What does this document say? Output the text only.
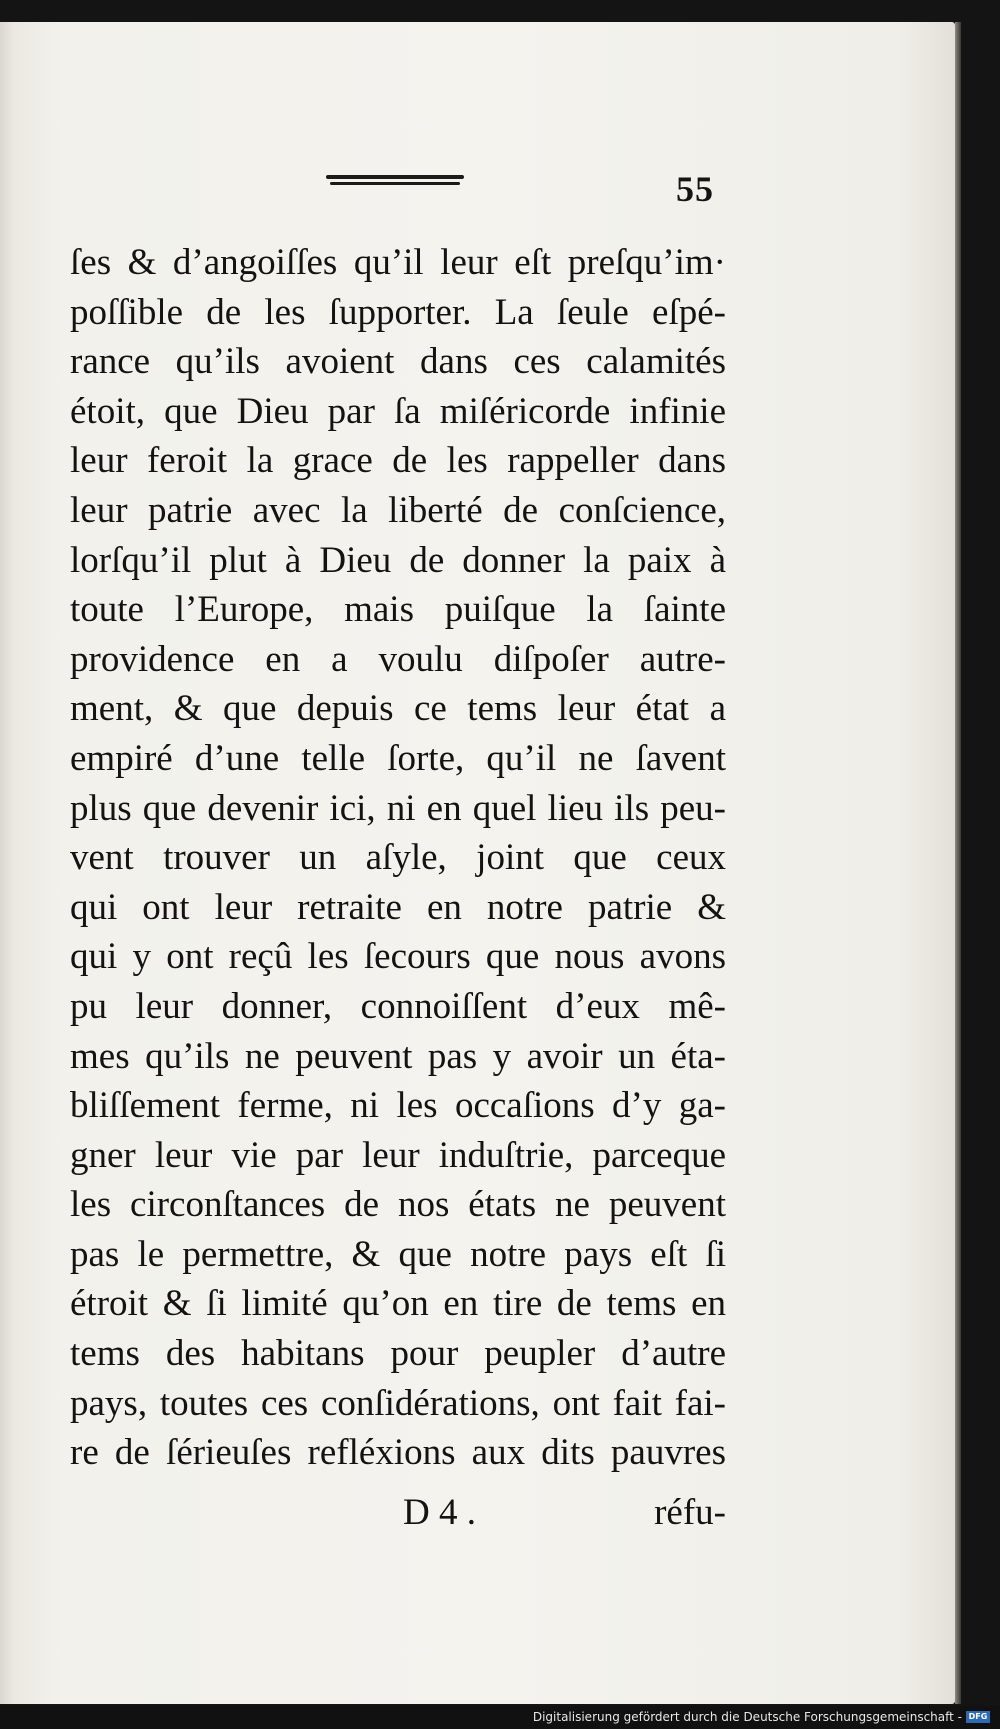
55
ſes & d’angoiſſes qu’il leur eſt preſqu’im·
poſſible de les ſupporter. La ſeule eſpé-
rance qu’ils avoient dans ces calamités
étoit, que Dieu par ſa miſéricorde infinie
leur feroit la grace de les rappeller dans
leur patrie avec la liberté de conſcience,
lorſqu’il plut à Dieu de donner la paix à
toute l’Europe, mais puiſque la ſainte
providence en a voulu diſpoſer autre-
ment, & que depuis ce tems leur état a
empiré d’une telle ſorte, qu’il ne ſavent
plus que devenir ici, ni en quel lieu ils peu-
vent trouver un aſyle, joint que ceux
qui ont leur retraite en notre patrie &
qui y ont reçû les ſecours que nous avons
pu leur donner, connoiſſent d’eux mê-
mes qu’ils ne peuvent pas y avoir un éta-
bliſſement ferme, ni les occaſions d’y ga-
gner leur vie par leur induſtrie, parceque
les circonſtances de nos états ne peuvent
pas le permettre, & que notre pays eſt ſi
étroit & ſi limité qu’on en tire de tems en
tems des habitans pour peupler d’autre
pays, toutes ces conſidérations, ont fait fai-
re de ſérieuſes refléxions aux dits pauvres
D 4 .	réfu-
Digitalisierung gefördert durch die Deutsche Forschungsgemeinschaft - DFG
